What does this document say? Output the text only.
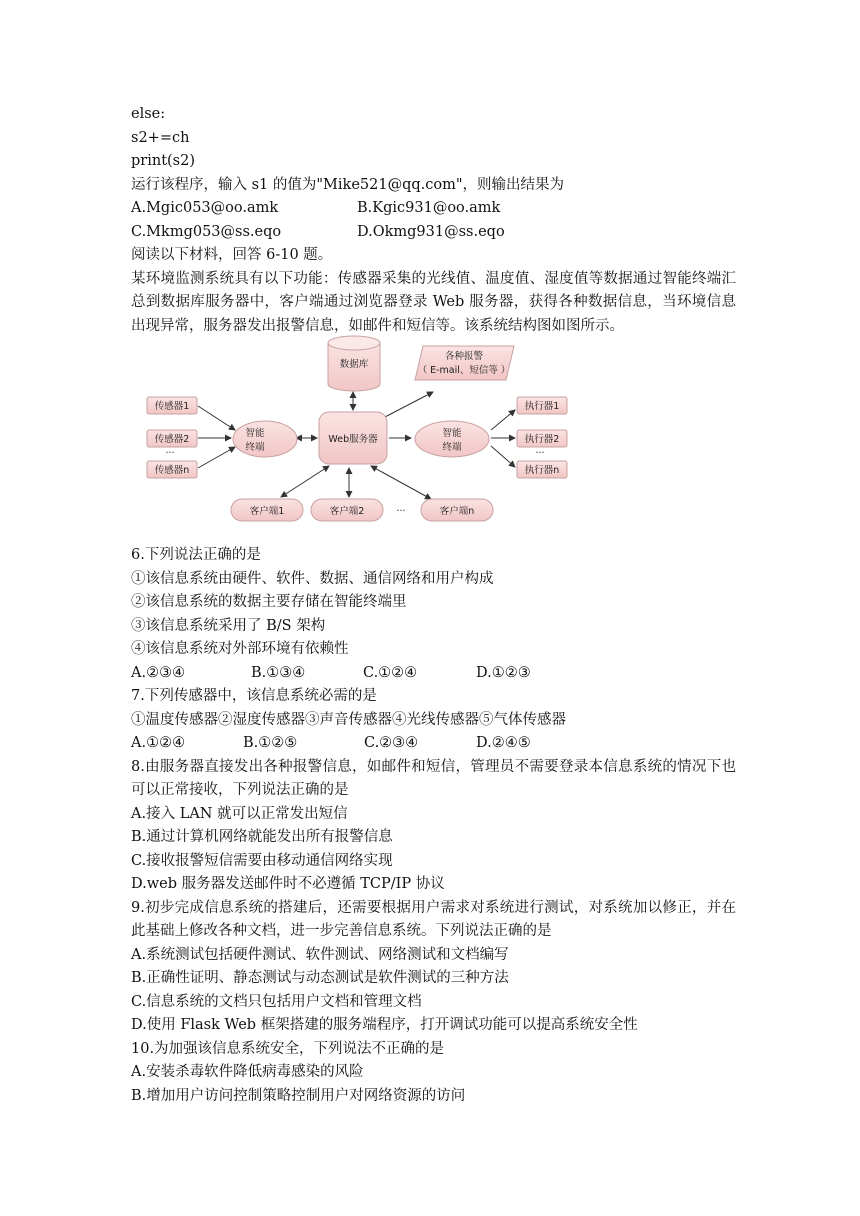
else:
s2+=ch
print(s2)
运行该程序，输入 s1 的值为"Mike521@qq.com"，则输出结果为
A.Mgic053@oo.amk	B.Kgic931@oo.amk
C.Mkmg053@ss.eqo	D.Okmg931@ss.eqo
阅读以下材料，回答 6-10 题。
某环境监测系统具有以下功能：传感器采集的光线值、温度值、湿度值等数据通过智能终端汇总到数据库服务器中，客户端通过浏览器登录 Web 服务器，获得各种数据信息，当环境信息出现异常，服务器发出报警信息，如邮件和短信等。该系统结构图如图所示。
数据库
各种报警
（ E-mail、短信等 ）
传感器1
传感器2
···
传感器n
智能
终端
Web服务器
智能
终端
执行器1
执行器2
···
执行器n
客户端1	客户端2	···	客户端n
6.下列说法正确的是
①该信息系统由硬件、软件、数据、通信网络和用户构成
②该信息系统的数据主要存储在智能终端里
③该信息系统采用了 B/S 架构
④该信息系统对外部环境有依赖性
A.②③④	B.①③④	C.①②④	D.①②③
7.下列传感器中，该信息系统必需的是
①温度传感器②湿度传感器③声音传感器④光线传感器⑤气体传感器
A.①②④	B.①②⑤	C.②③④	D.②④⑤
8.由服务器直接发出各种报警信息，如邮件和短信，管理员不需要登录本信息系统的情况下也可以正常接收，下列说法正确的是
A.接入 LAN 就可以正常发出短信
B.通过计算机网络就能发出所有报警信息
C.接收报警短信需要由移动通信网络实现
D.web 服务器发送邮件时不必遵循 TCP/IP 协议
9.初步完成信息系统的搭建后，还需要根据用户需求对系统进行测试，对系统加以修正，并在此基础上修改各种文档，进一步完善信息系统。下列说法正确的是
A.系统测试包括硬件测试、软件测试、网络测试和文档编写
B.正确性证明、静态测试与动态测试是软件测试的三种方法
C.信息系统的文档只包括用户文档和管理文档
D.使用 Flask Web 框架搭建的服务端程序，打开调试功能可以提高系统安全性
10.为加强该信息系统安全，下列说法不正确的是
A.安装杀毒软件降低病毒感染的风险
B.增加用户访问控制策略控制用户对网络资源的访问
